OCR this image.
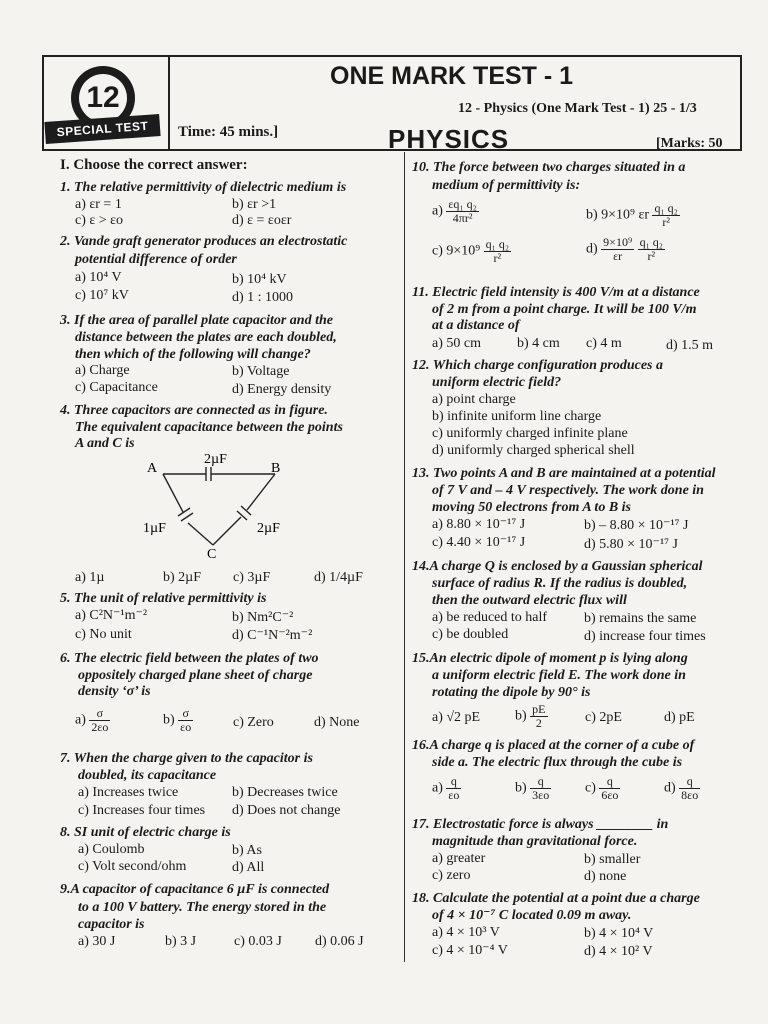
12
SPECIAL TEST
ONE MARK TEST - 1
12 - Physics (One Mark Test - 1) 25 - 1/3
Time: 45 mins.]	PHYSICS	[Marks: 50
I. Choose the correct answer:
1. The relative permittivity of dielectric medium is
a) εr = 1	b) εr >1
c) ε > εo	d) ε = εoεr
2. Vande graft generator produces an electrostatic
potential difference of order
a) 10⁴ V	b) 10⁴ kV
c) 10⁷ kV	d) 1 : 1000
3. If the area of parallel plate capacitor and the
distance between the plates are each doubled,
then which of the following will change?
a) Charge	b) Voltage
c) Capacitance	d) Energy density
4. Three capacitors are connected as in figure.
The equivalent capacitance between the points
A and C is
A	B
C
2µF
1µF	2µF
a) 1µ	b) 2µF c) 3µF	d) 1/4µF
5. The unit of relative permittivity is
a) C²N⁻¹m⁻²	b) Nm²C⁻²
c) No unit	d) C⁻¹N⁻²m⁻²
6. The electric field between the plates of two
oppositely charged plane sheet of charge
density ‘σ’ is
$a) \frac{\sigma}{2\varepsilon o}$	$b) \frac{\sigma}{\varepsilon o}$	c) Zero	d) None
7. When the charge given to the capacitor is
doubled, its capacitance
a) Increases twice	b) Decreases twice
c) Increases four times d) Does not change
8. SI unit of electric charge is
a) Coulomb	b) As
c) Volt second/ohm	d) All
9.A capacitor of capacitance 6 µF is connected
to a 100 V battery. The energy stored in the
capacitor is
a) 30 J	b) 3 J	c) 0.03 J d) 0.06 J
10. The force between two charges situated in a
medium of permittivity is:
$a) \frac{\text{εq₁ q₂}}{\text{4πr²}}$	b) 9×10⁹ εr $\frac{\text{q₁ q₂}}{\text{r²}}$
c) $9\times 10^9 \frac{\text{q₁ q₂}}{\text{r²}}$	$d) \frac{\text{9×10⁹}}{\varepsilon r}$
$\frac{\text{q₁ q₂}}{\text{r²}}$
11. Electric field intensity is 400 V/m at a distance
of 2 m from a point charge. It will be 100 V/m
at a distance of
a) 50 cm	b) 4 cm c) 4 m	d) 1.5 m
12. Which charge configuration produces a
uniform electric field?
a) point charge
b) infinite uniform line charge
c) uniformly charged infinite plane
d) uniformly charged spherical shell
13. Two points A and B are maintained at a potential
of 7 V and – 4 V respectively. The work done in
moving 50 electrons from A to B is
a) 8.80 × 10⁻¹⁷ J	b) – 8.80 × 10⁻¹⁷ J
c) 4.40 × 10⁻¹⁷ J	d) 5.80 × 10⁻¹⁷ J
14.A charge Q is enclosed by a Gaussian spherical
surface of radius R. If the radius is doubled,
then the outward electric flux will
a) be reduced to half	b) remains the same
c) be doubled	d) increase four times
15.An electric dipole of moment p is lying along
a uniform electric field E. The work done in
rotating the dipole by 90° is
a) √2 pE $b) \frac{pE}{2}$	c) 2pE	d) pE
16.A charge q is placed at the corner of a cube of
side a. The electric flux through the cube is
$a) \frac{q}{\varepsilon o}$	$b) \frac{q}{3\varepsilon o} c) \frac{q}{6\varepsilon o}$	$d) \frac{q}{8\varepsilon o}$
17. Electrostatic force is always ________ in
magnitude than gravitational force.
a) greater	b) smaller
c) zero	d) none
18. Calculate the potential at a point due a charge
of 4 × 10⁻⁷ C located 0.09 m away.
a) 4 × 10³ V	b) 4 × 10⁴ V
c) 4 × 10⁻⁴ V	d) 4 × 10² V
